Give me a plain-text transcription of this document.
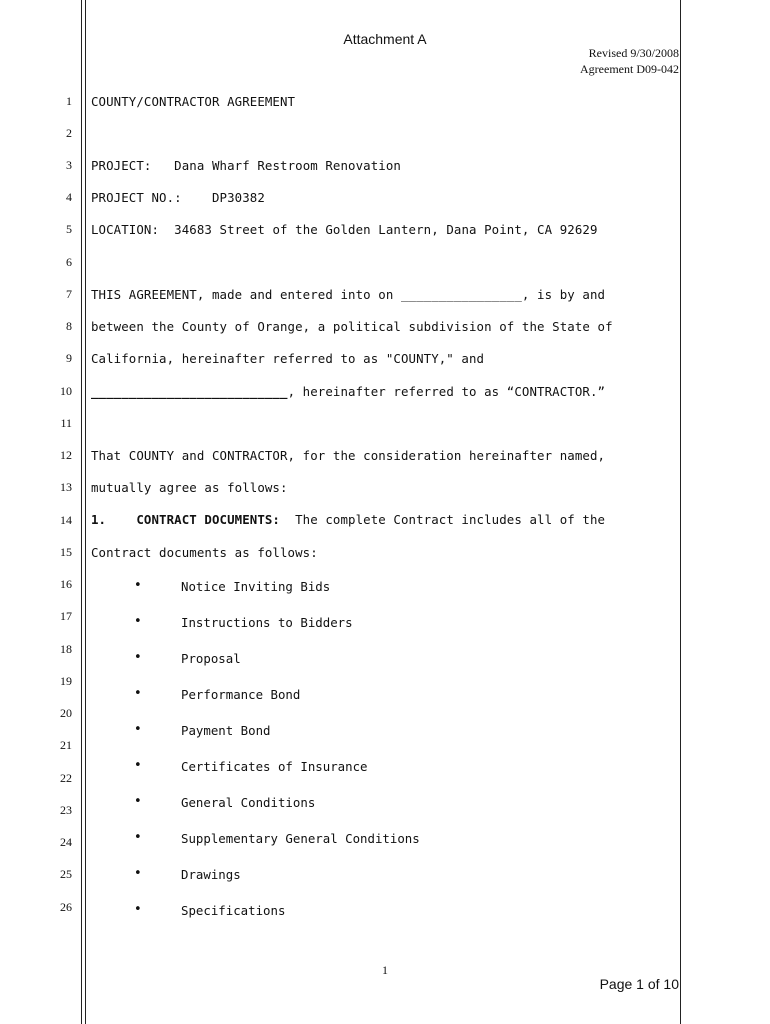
Attachment A
Revised 9/30/2008
Agreement D09-042
1
2
3
4
5
6
7
8
9
10
11
12
13
14
15
16
17
18
19
20
21
22
23
24
25
26
COUNTY/CONTRACTOR AGREEMENT
PROJECT:   Dana Wharf Restroom Renovation
PROJECT NO.:    DP30382
LOCATION:  34683 Street of the Golden Lantern, Dana Point, CA 92629
THIS AGREEMENT, made and entered into on ________________, is by and
between the County of Orange, a political subdivision of the State of
California, hereinafter referred to as "COUNTY," and
__________________________, hereinafter referred to as “CONTRACTOR.”
That COUNTY and CONTRACTOR, for the consideration hereinafter named,
mutually agree as follows:
1.    CONTRACT DOCUMENTS:  The complete Contract includes all of the
Contract documents as follows:
•	Notice Inviting Bids
•	Instructions to Bidders
•	Proposal
•	Performance Bond
•	Payment Bond
•	Certificates of Insurance
•	General Conditions
•	Supplementary General Conditions
•	Drawings
•	Specifications
1
Page 1 of 10
